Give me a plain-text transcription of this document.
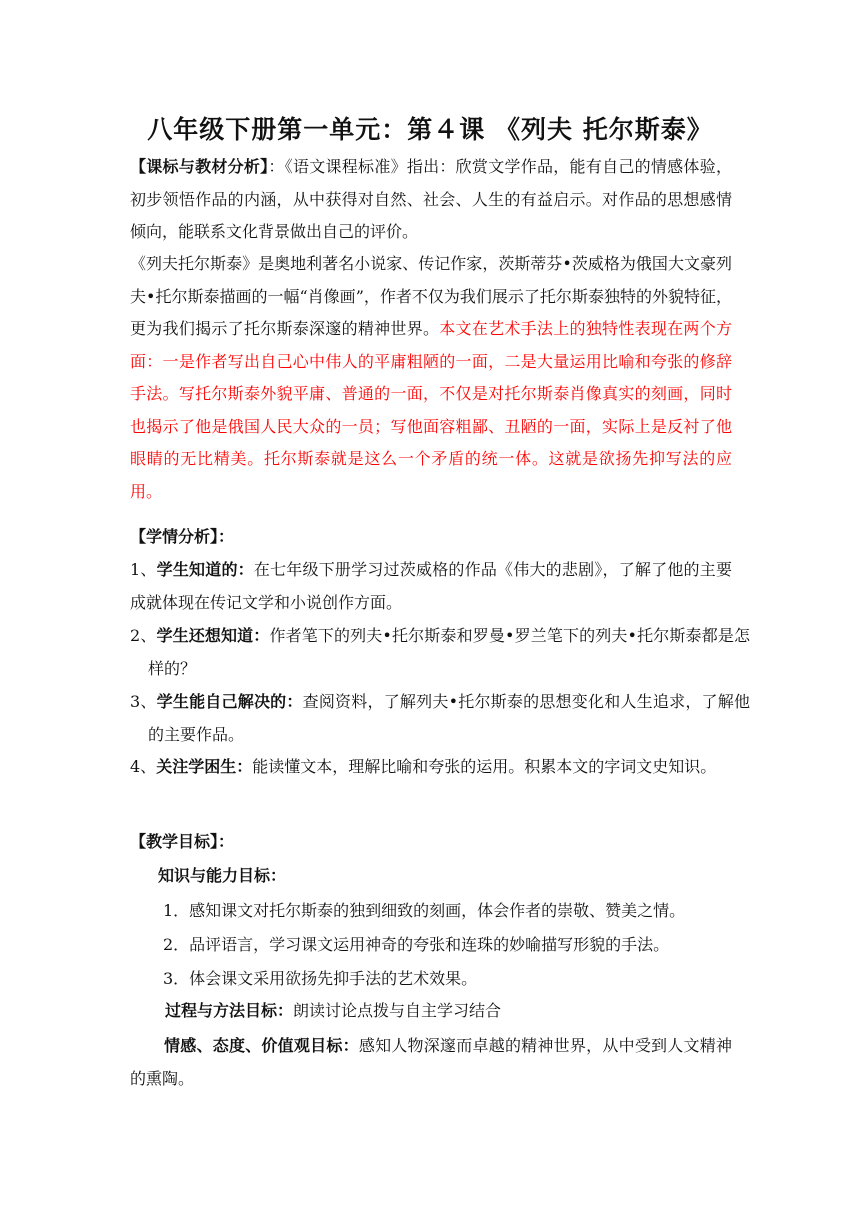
八年级下册第一单元：第４课 《列夫 托尔斯泰》
【课标与教材分析】：《语文课程标准》指出：欣赏文学作品，能有自己的情感体验，初步领悟作品的内涵，从中获得对自然、社会、人生的有益启示。对作品的思想感情倾向，能联系文化背景做出自己的评价。
《列夫托尔斯泰》是奥地利著名小说家、传记作家，茨斯蒂芬•茨威格为俄国大文豪列夫•托尔斯泰描画的一幅“肖像画”，作者不仅为我们展示了托尔斯泰独特的外貌特征，更为我们揭示了托尔斯泰深邃的精神世界。本文在艺术手法上的独特性表现在两个方面：一是作者写出自己心中伟人的平庸粗陋的一面，二是大量运用比喻和夸张的修辞手法。写托尔斯泰外貌平庸、普通的一面，不仅是对托尔斯泰肖像真实的刻画，同时也揭示了他是俄国人民大众的一员；写他面容粗鄙、丑陋的一面，实际上是反衬了他眼睛的无比精美。托尔斯泰就是这么一个矛盾的统一体。这就是欲扬先抑写法的应用。
【学情分析】：
1、学生知道的：在七年级下册学习过茨威格的作品《伟大的悲剧》，了解了他的主要成就体现在传记文学和小说创作方面。
2、学生还想知道：作者笔下的列夫•托尔斯泰和罗曼•罗兰笔下的列夫•托尔斯泰都是怎样的？
3、学生能自己解决的：查阅资料，了解列夫•托尔斯泰的思想变化和人生追求，了解他的主要作品。
4、关注学困生：能读懂文本，理解比喻和夸张的运用。积累本文的字词文史知识。
【教学目标】：
知识与能力目标：
1．感知课文对托尔斯泰的独到细致的刻画，体会作者的崇敬、赞美之情。
2．品评语言，学习课文运用神奇的夸张和连珠的妙喻描写形貌的手法。
3．体会课文采用欲扬先抑手法的艺术效果。
过程与方法目标：朗读讨论点拨与自主学习结合
情感、态度、价值观目标：感知人物深邃而卓越的精神世界，从中受到人文精神的熏陶。
